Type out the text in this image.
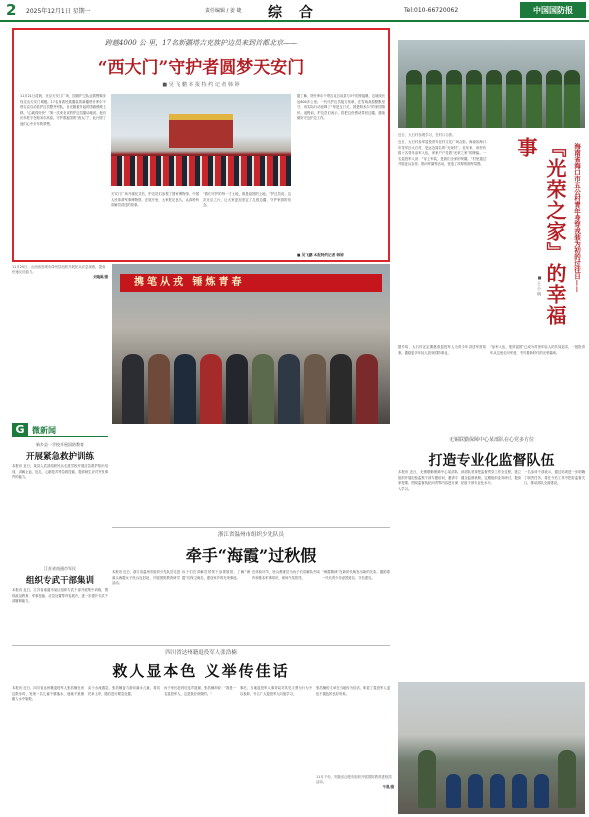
2 2025年12月1日 星期一	责任编辑 / 姜 婕 综 合	Tel:010-66720062	中国国防报
跨越4000 公 里，17名新疆塔吉克族护边员来到首都北京——
“西大门”守护者圆梦天安门
■ 吴 飞 鹏 本 报 特 约 记 者 韩 婷
11月21日清晨，北京天安门广场，国旗护卫队迈着铿锵步伐走出天安门城楼。17名身着民族服装的新疆塔什库尔干塔吉克自治县护边员整齐列队，目光随着升起的国旗缓缓上移。“心跳得好快！”第一次来北京的护边员激动地说。他们长年驻守在帕米尔高原，守护着祖国的“西大门”，此行圆了他们心中多年的梦想。
天安门广场升旗仪式后，护边员们参观了国家博物馆、中国人民革命军事博物馆。在展厅里，大家驻足良久，认真聆听讲解员讲述的故事。
“我们守护的每一寸土地，都是祖国的土地。”护边员说。这次北京之行，让大家更加坚定了扎根边疆、守护家园的信念。
据了解，塔什库尔干塔吉克自治县与3个国家接壤，边境线长达800多公里。一代代护边员接力传承，在雪域高原默默坚守，用实际行动诠释了“家是玉门关，国是帕米尔”的家国情怀。返程前，护边员们表示，将把这份感动带回边疆，继续做好守边护边工作。
■ 吴飞鹏 本报特约记者 韩婷
近日，大石村参观学习，在村口合影。
近日，大石村参军退役青年在村文化广场合影。海南省海口市龙华区大石村，是远近闻名的“光荣村”。近年来，该村有数十名青年参军入伍，家家户户挂着“光荣之家”的牌匾。一名退役军人说：“穿上军装，是我们全家的荣耀。”村里通过开展征兵宣传、慰问军属等活动，营造了浓厚的拥军氛围。	海南省海口市五公村青年身穿戎装为初的过往日——
『光荣之家』的幸福事
■ 王 小 明
据介绍，大石村还定期邀请退役军人为青少年讲述军营故事，激励更多年轻人投身国防事业。
“参军入伍、报效祖国”已成为村里年轻人的共同追求，一批批青年从这里走向军营，书写着新时代的光荣篇章。
11月20日，山西省晋城市泽州县组织开展民兵应急演练，提高快速反应能力。
刘瑞图/摄
G 微新闻
新乡县一学校开展国防教育
开展紧急救护训练
本报讯 近日，某县人武部组织民兵走进学校开展应急救护知识培训，讲解止血、包扎、心肺复苏等急救技能，提高师生应对突发事件的能力。
江苏省南通市军民
组织专武干部集训
本报讯 近日，江苏省南通市某区组织专武干部开展集中训练，围绕政治教育、军事技能、应急处置等内容展开，进一步提升专武干部履职能力。
携笔从戎 锤炼青春
无锡联勤保障中心某部队在心党多方位
打造专业化监督队伍
本报讯 近日，无锡联勤保障中心某部队组织开展纪检监察干部专题培训，邀请专家授课，围绕监督执纪问责等内容进行深入学习。
该部队坚持把监督贯穿工作全过程，建立健全监督机制，定期组织业务研讨，提高纪检干部专业化水平。
一名参训干部表示，通过培训进一步明确了职责任务，将在今后工作中把好监督关口，推动部队全面建设。
浙江省温州市组织少先队员
牵手“海霞”过秋假
本报讯 近日，浙江省温州市组织少先队员走进洞头海霞女子民兵连旧址，开展国防教育研学活动。
孩子们在讲解员带领下参观展馆，了解“海霞”们保卫海岛、建设家乡的光荣事迹。
在体验环节，民兵教练员为孩子们讲解队列动作和基本军事常识，现场气氛热烈。
“海霞精神”在新时代焕发出新的光彩，激励着一代代青少年爱国爱岛、守岛建岛。
四川省达州籍退役军人张浩楠
救人显本色 义举传佳话
本报讯 近日，四川省达州籍退役军人张浩楠在河边散步时，发现一名儿童不慎落水，他毫不犹豫跳入水中施救。
由于水流湍急，张浩楠奋力游向落水儿童，将其托举上岸，随后进行紧急处置。
孩子家长赶到后连声道谢，张浩楠却说：“我是一名退役军人，这是我应该做的。”
事后，当地退役军人事务局对其见义勇为行为予以表彰，号召广大退役军人向他学习。
张浩楠的义举在当地传为佳话，彰显了退役军人退伍不褪色的良好形象。
11月下旬，安徽省合肥市组织开展国防教育进校园活动。
牛黑/摄
